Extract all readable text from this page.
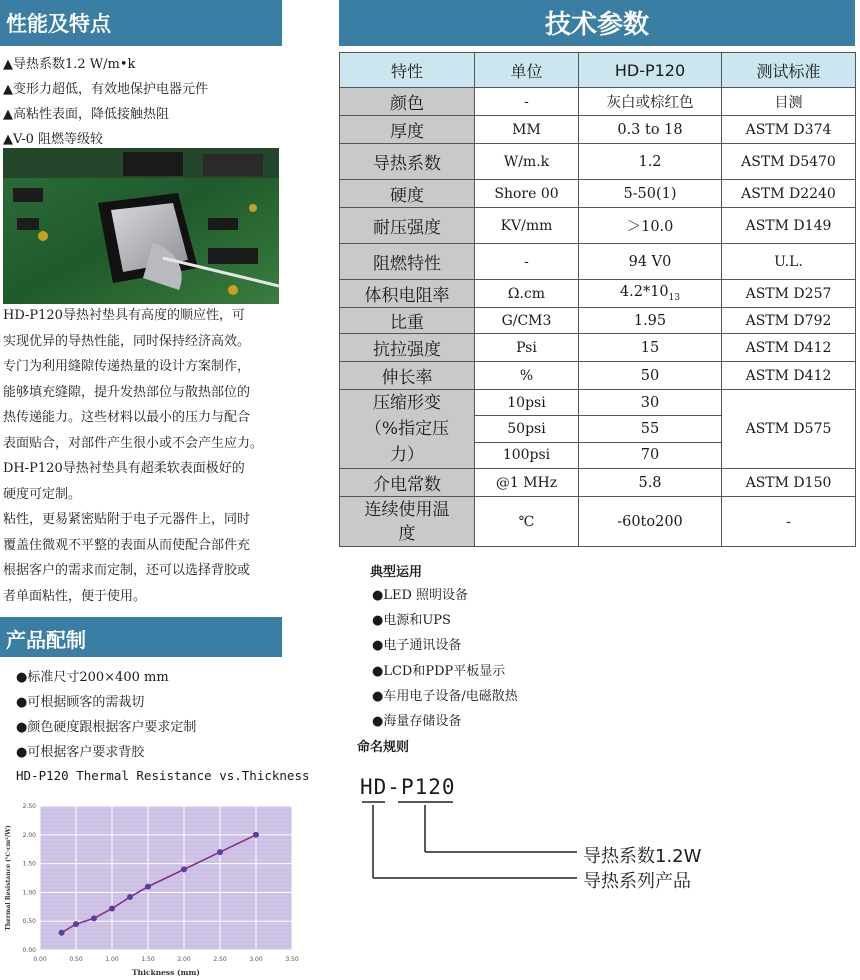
性能及特点
▲导热系数1.2 W/m•k
▲变形力超低，有效地保护电器元件
▲高粘性表面，降低接触热阻
▲V-0 阻燃等级较
HD-P120导热衬垫具有高度的顺应性，可
实现优异的导热性能，同时保持经济高效。
专门为利用缝隙传递热量的设计方案制作，
能够填充缝隙，提升发热部位与散热部位的
热传递能力。这些材料以最小的压力与配合
表面贴合，对部件产生很小或不会产生应力。
DH-P120导热衬垫具有超柔软表面极好的
硬度可定制。
粘性，更易紧密贴附于电子元器件上，同时
覆盖住微观不平整的表面从而使配合部件充
根据客户的需求而定制，还可以选择背胶或
者单面粘性，便于使用。
产品配制
●标准尺寸200×400 mm
●可根据顾客的需裁切
●颜色硬度跟根据客户要求定制
●可根据客户要求背胶
HD-P120 Thermal Resistance vs.Thickness
0.00	0.50	1.00	1.50	2.00	2.50	3.00	3.50
0.00
0.50
1.00
1.50
2.00
2.50
Thickness (mm)
Thermal Resistance (℃·cm²/W)
技术参数
特性	单位	HD-P120	测试标准
颜色	-	灰白或棕红色	目测
厚度	MM	0.3 to 18	ASTM D374
导热系数	W/m.k	1.2	ASTM D5470
硬度	Shore 00	5-50(1)	ASTM D2240
耐压强度	KV/mm	＞10.0	ASTM D149
阻燃特性	-	94 V0	U.L.
体积电阻率	Ω.cm	$4.2*10_{13}$	ASTM D257
比重	G/CM3	1.95	ASTM D792
抗拉强度	Psi	15	ASTM D412
伸长率	%	50	ASTM D412

压缩形变
（%指定压
力）	10psi	30	ASTM D575
	50psi	55	
	100psi	70	
介电常数	@1 MHz	5.8	ASTM D150

连续使用温
度	℃	-60to200	-
典型运用
●LED 照明设备
●电源和UPS
●电子通讯设备
●LCD和PDP平板显示
●车用电子设备/电磁散热
●海量存储设备
命名规则
HD-P120
导热系数1.2W
导热系列产品
